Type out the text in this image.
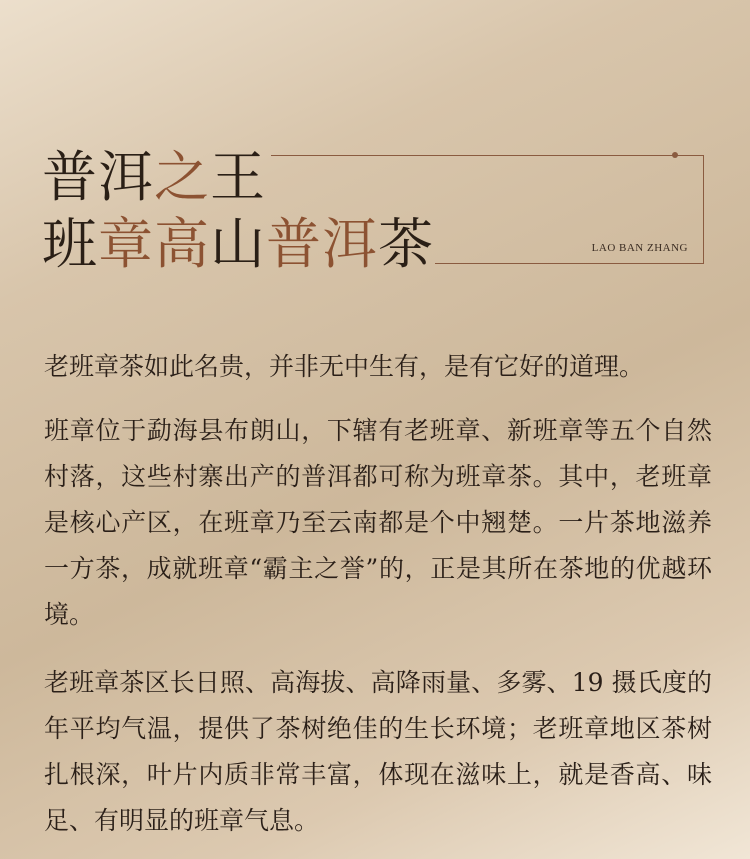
普洱之王
班章高山普洱茶	LAO BAN ZHANG

老班章茶如此名贵，并非无中生有，是有它好的道理。

班章位于勐海县布朗山，下辖有老班章、新班章等五个自然村落，这些村寨出产的普洱都可称为班章茶。其中，老班章是核心产区，在班章乃至云南都是个中翘楚。一片茶地滋养一方茶，成就班章“霸主之誉”的，正是其所在茶地的优越环境。

老班章茶区长日照、高海拔、高降雨量、多雾、19 摄氏度的年平均气温，提供了茶树绝佳的生长环境；老班章地区茶树扎根深，叶片内质非常丰富，体现在滋味上，就是香高、味足、有明显的班章气息。
